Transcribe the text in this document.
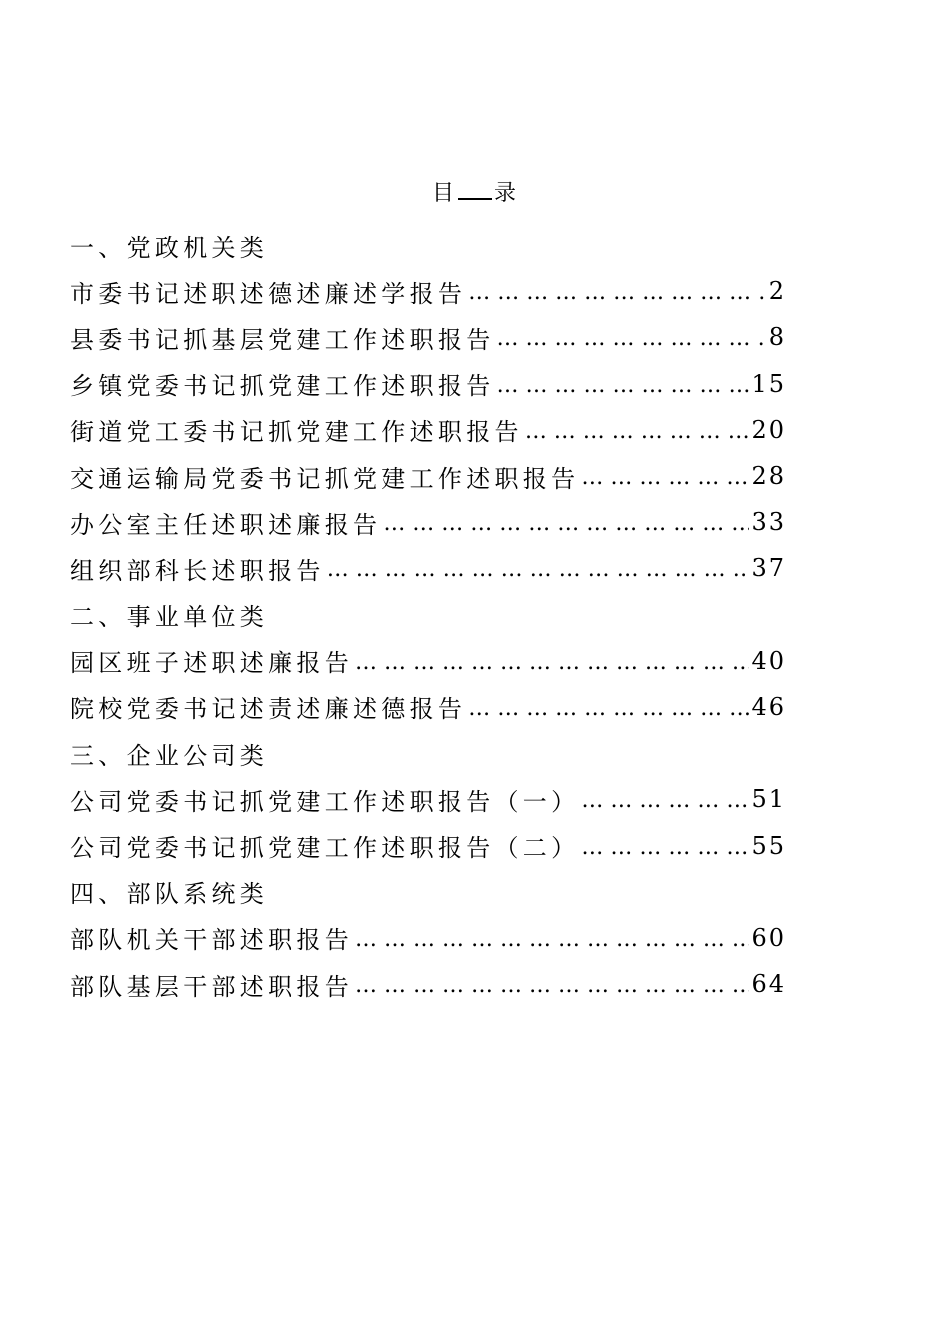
目 录
一、党政机关类
市委书记述职述德述廉述学报告 … … … … … … … … … … … … … … … … … … … … … … … … … … … … … … … … … … … … … … … …	2
县委书记抓基层党建工作述职报告 … … … … … … … … … … … … … … … … … … … … … … … … … … … … … … … … … … … … … … … …	8
乡镇党委书记抓党建工作述职报告 … … … … … … … … … … … … … … … … … … … … … … … … … … … … … … … … … … … … … … … …	15
街道党工委书记抓党建工作述职报告 … … … … … … … … … … … … … … … … … … … … … … … … … … … … … … … … … … … … … … … …	20
交通运输局党委书记抓党建工作述职报告 … … … … … … … … … … … … … … … … … … … … … … … … … … … … … … … … … … … … … … … …	28
办公室主任述职述廉报告 … … … … … … … … … … … … … … … … … … … … … … … … … … … … … … … … … … … … … … … …	33
组织部科长述职报告 … … … … … … … … … … … … … … … … … … … … … … … … … … … … … … … … … … … … … … … …	37
二、事业单位类
园区班子述职述廉报告 … … … … … … … … … … … … … … … … … … … … … … … … … … … … … … … … … … … … … … … …	40
院校党委书记述责述廉述德报告 … … … … … … … … … … … … … … … … … … … … … … … … … … … … … … … … … … … … … … … …	46
三、企业公司类
公司党委书记抓党建工作述职报告（一） … … … … … … … … … … … … … … … … … … … … … … … … … … … … … … … … … … … … … … … …	51
公司党委书记抓党建工作述职报告（二） … … … … … … … … … … … … … … … … … … … … … … … … … … … … … … … … … … … … … … … …	55
四、部队系统类
部队机关干部述职报告 … … … … … … … … … … … … … … … … … … … … … … … … … … … … … … … … … … … … … … … …	60
部队基层干部述职报告 … … … … … … … … … … … … … … … … … … … … … … … … … … … … … … … … … … … … … … … …	64
